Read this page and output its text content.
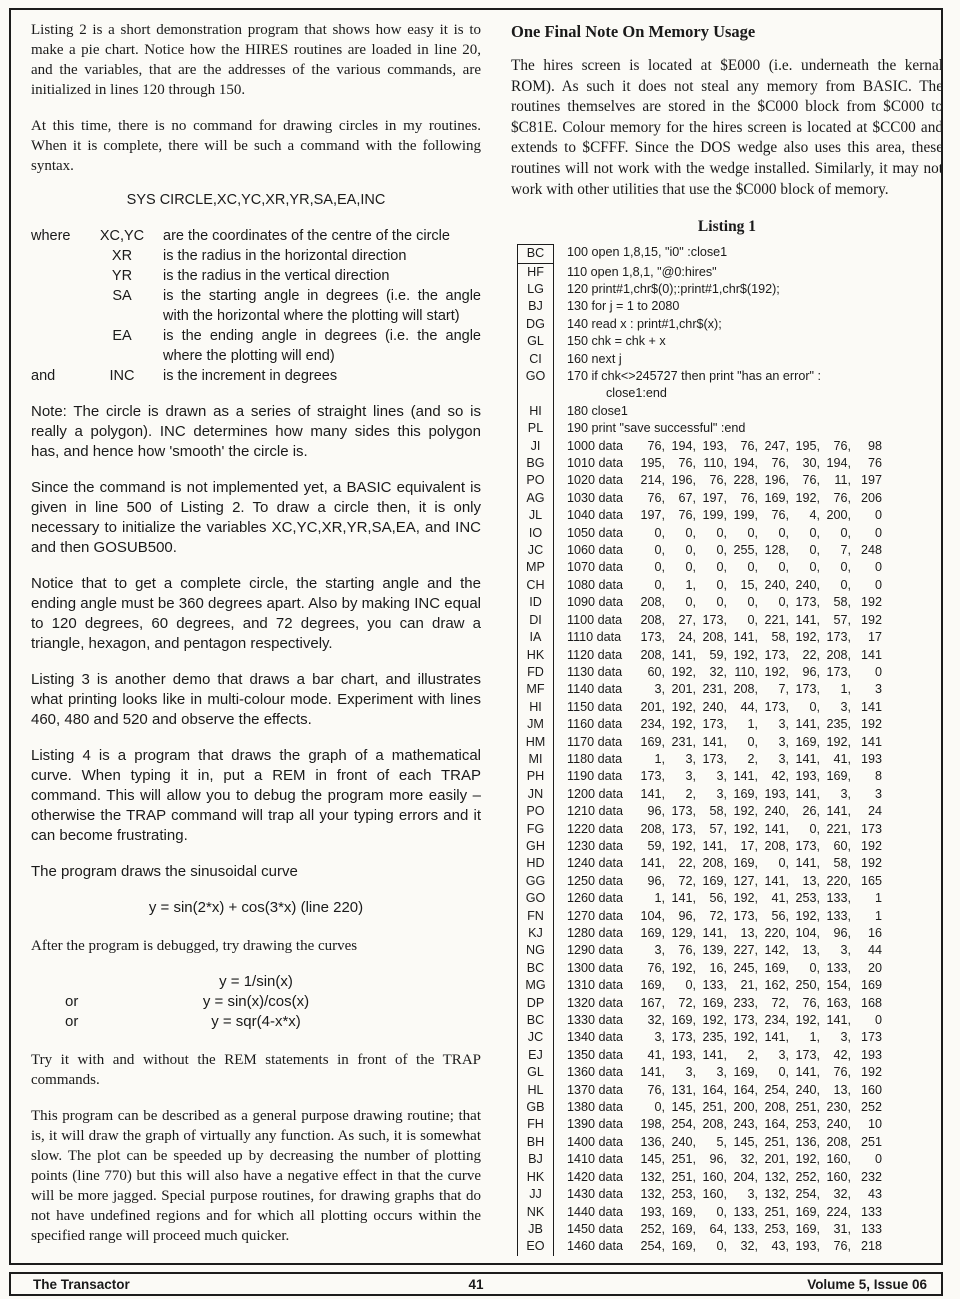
Listing 2 is a short demonstration program that shows how easy it is to make a pie chart. Notice how the HIRES routines are loaded in line 20, and the variables, that are the addresses of the various commands, are initialized in lines 120 through 150.

At this time, there is no command for drawing circles in my routines. When it is complete, there will be such a command with the following syntax.

SYS CIRCLE,XC,YC,XR,YR,SA,EA,INC
where	XC,YC	are the coordinates of the centre of the circle
XR	is the radius in the horizontal direction
YR	is the radius in the vertical direction
SA	is the starting angle in degrees (i.e. the angle with the horizontal where the plotting will start)
EA	is the ending angle in degrees (i.e. the angle where the plotting will end)
and	INC	is the increment in degrees

Note: The circle is drawn as a series of straight lines (and so is really a polygon). INC determines how many sides this polygon has, and hence how 'smooth' the circle is.

Since the command is not implemented yet, a BASIC equivalent is given in line 500 of Listing 2. To draw a circle then, it is only necessary to initialize the variables XC,YC,XR,YR,SA,EA, and INC and then GOSUB500.

Notice that to get a complete circle, the starting angle and the ending angle must be 360 degrees apart. Also by making INC equal to 120 degrees, 60 degrees, and 72 degrees, you can draw a triangle, hexagon, and pentagon respectively.

Listing 3 is another demo that draws a bar chart, and illustrates what printing looks like in multi-colour mode. Experiment with lines 460, 480 and 520 and observe the effects.

Listing 4 is a program that draws the graph of a mathematical curve. When typing it in, put a REM in front of each TRAP command. This will allow you to debug the program more easily – otherwise the TRAP command will trap all your typing errors and it can become frustrating.

The program draws the sinusoidal curve

y = sin(2*x) + cos(3*x) (line 220)

After the program is debugged, try drawing the curves

y = 1/sin(x)
or	y = sin(x)/cos(x)
or	y = sqr(4-x*x)

Try it with and without the REM statements in front of the TRAP commands.

This program can be described as a general purpose drawing routine; that is, it will draw the graph of virtually any function. As such, it is somewhat slow. The plot can be speeded up by decreasing the number of plotting points (line 770) but this will also have a negative effect in that the curve will be more jagged. Special purpose routines, for drawing graphs that do not have undefined regions and for which all plotting occurs within the specified range will proceed much quicker.

One Final Note On Memory Usage

The hires screen is located at $E000 (i.e. underneath the kernal ROM). As such it does not steal any memory from BASIC. The routines themselves are stored in the $C000 block from $C000 to $C81E. Colour memory for the hires screen is located at $CC00 and extends to $CFFF. Since the DOS wedge also uses this area, these routines will not work with the wedge installed. Similarly, it may not work with other utilities that use the $C000 block of memory.

Listing 1
BC	100 open 1,8,15, "i0" :close1
HF	110 open 1,8,1, "@0:hires"
LG	120 print#1,chr$(0);:print#1,chr$(192);
BJ	130 for j = 1 to 2080
DG	140 read x : print#1,chr$(x);
GL	150 chk = chk + x
CI	160 next j
GO	170 if chk<>245727 then print "has an error" :
close1:end
HI	180 close1
PL	190 print "save successful" :end
JI	1000 data 76, 194, 193, 76, 247, 195, 76, 98
BG	1010 data 195, 76, 110, 194, 76, 30, 194, 76
PO	1020 data 214, 196, 76, 228, 196, 76, 11, 197
AG	1030 data 76, 67, 197, 76, 169, 192, 76, 206
JL	1040 data 197, 76, 199, 199, 76, 4, 200, 0
IO	1050 data 0, 0, 0, 0, 0, 0, 0, 0
JC	1060 data 0, 0, 0, 255, 128, 0, 7, 248
MP	1070 data 0, 0, 0, 0, 0, 0, 0, 0
CH	1080 data 0, 1, 0, 15, 240, 240, 0, 0
ID	1090 data 208, 0, 0, 0, 0, 173, 58, 192
DI	1100 data 208, 27, 173, 0, 221, 141, 57, 192
IA	1110 data 173, 24, 208, 141, 58, 192, 173, 17
HK	1120 data 208, 141, 59, 192, 173, 22, 208, 141
FD	1130 data 60, 192, 32, 110, 192, 96, 173, 0
MF	1140 data	3, 201, 231, 208, 7, 173, 1, 3
HI	1150 data 201, 192, 240, 44, 173, 0, 3, 141
JM	1160 data 234, 192, 173, 1, 3, 141, 235, 192
HM	1170 data 169, 231, 141, 0, 3, 169, 192, 141
MI	1180 data	1, 3, 173, 2, 3, 141, 41, 193
PH	1190 data 173, 3, 3, 141, 42, 193, 169, 8
JN	1200 data 141, 2, 3, 169, 193, 141, 3, 3
PO	1210 data 96, 173, 58, 192, 240, 26, 141, 24
FG	1220 data 208, 173, 57, 192, 141, 0, 221, 173
GH	1230 data 59, 192, 141, 17, 208, 173, 60, 192
HD	1240 data 141, 22, 208, 169, 0, 141, 58, 192
GG	1250 data 96, 72, 169, 127, 141, 13, 220, 165
GO	1260 data 1, 141, 56, 192, 41, 253, 133, 1
FN	1270 data 104, 96, 72, 173, 56, 192, 133, 1
KJ	1280 data 169, 129, 141, 13, 220, 104, 96, 16
NG	1290 data 3, 76, 139, 227, 142, 13, 3, 44
BC	1300 data 76, 192, 16, 245, 169, 0, 133, 20
MG	1310 data 169, 0, 133, 21, 162, 250, 154, 169
DP	1320 data 167, 72, 169, 233, 72, 76, 163, 168
BC	1330 data 32, 169, 192, 173, 234, 192, 141, 0
JC	1340 data 3, 173, 235, 192, 141, 1, 3, 173
EJ	1350 data 41, 193, 141, 2, 3, 173, 42, 193
GL	1360 data 141, 3, 3, 169, 0, 141, 76, 192
HL	1370 data 76, 131, 164, 164, 254, 240, 13, 160
GB	1380 data 0, 145, 251, 200, 208, 251, 230, 252
FH	1390 data 198, 254, 208, 243, 164, 253, 240, 10
BH	1400 data 136, 240, 5, 145, 251, 136, 208, 251
BJ	1410 data 145, 251, 96, 32, 201, 192, 160, 0
HK	1420 data 132, 251, 160, 204, 132, 252, 160, 232
JJ	1430 data 132, 253, 160, 3, 132, 254, 32, 43
NK	1440 data 193, 169, 0, 133, 251, 169, 224, 133
JB	1450 data 252, 169, 64, 133, 253, 169, 31, 133
EO	1460 data 254, 169, 0, 32, 43, 193, 76, 218
The Transactor	41	Volume 5, Issue 06
